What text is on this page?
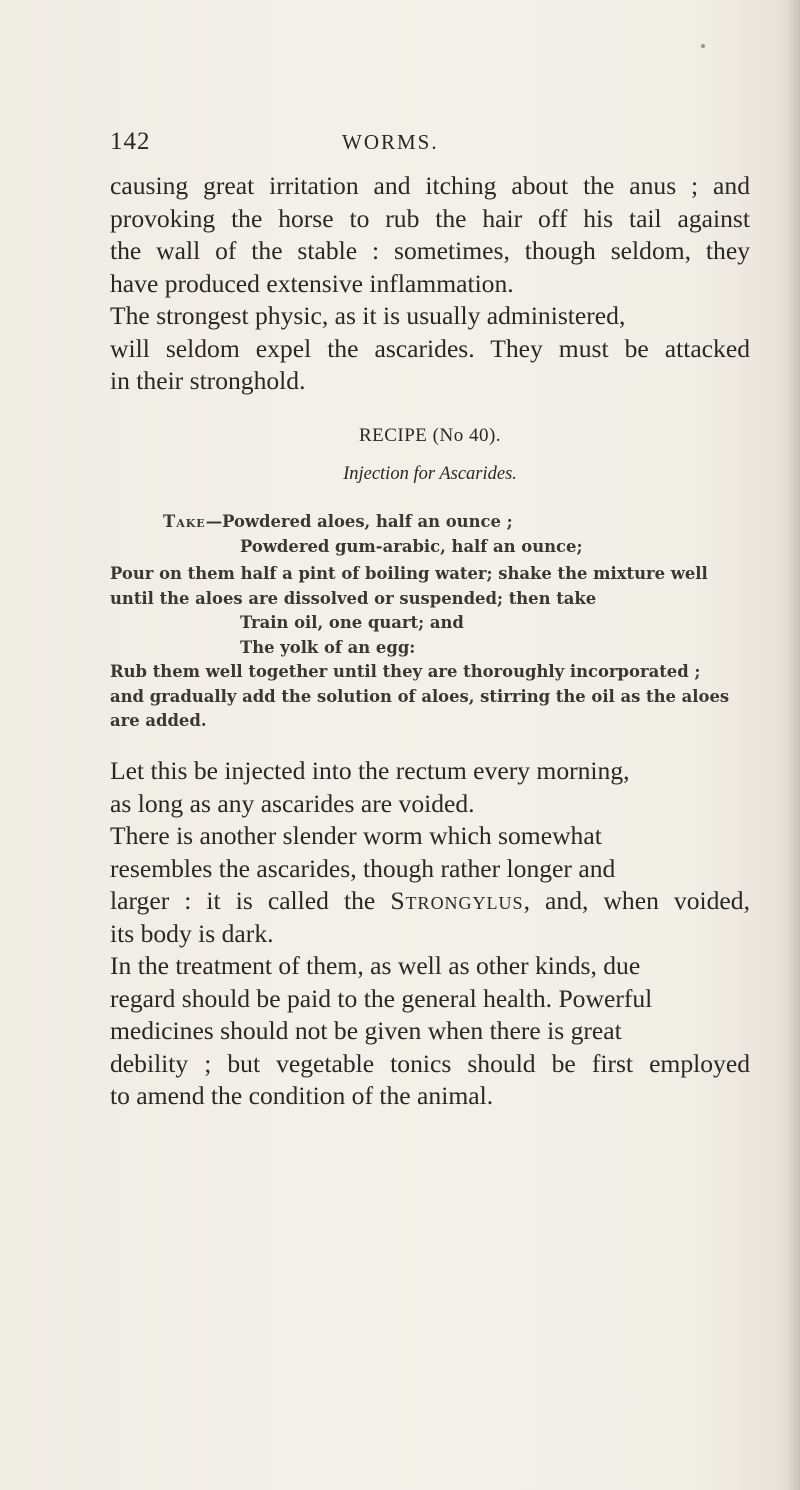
142	WORMS.
causing great irritation and itching about the anus ; and
provoking the horse to rub the hair off his tail against
the wall of the stable : sometimes, though seldom, they
have produced extensive inflammation.
The strongest physic, as it is usually administered,
will seldom expel the ascarides. They must be attacked
in their stronghold.
RECIPE (No 40).
Injection for Ascarides.
Take—Powdered aloes, half an ounce ;
Powdered gum-arabic, half an ounce;
Pour on them half a pint of boiling water; shake the mixture well
until the aloes are dissolved or suspended; then take
Train oil, one quart; and
The yolk of an egg:
Rub them well together until they are thoroughly incorporated ;
and gradually add the solution of aloes, stirring the oil as the aloes
are added.
Let this be injected into the rectum every morning,
as long as any ascarides are voided.
There is another slender worm which somewhat
resembles the ascarides, though rather longer and
larger : it is called the Strongylus, and, when voided,
its body is dark.
In the treatment of them, as well as other kinds, due
regard should be paid to the general health. Powerful
medicines should not be given when there is great
debility ; but vegetable tonics should be first employed
to amend the condition of the animal.
